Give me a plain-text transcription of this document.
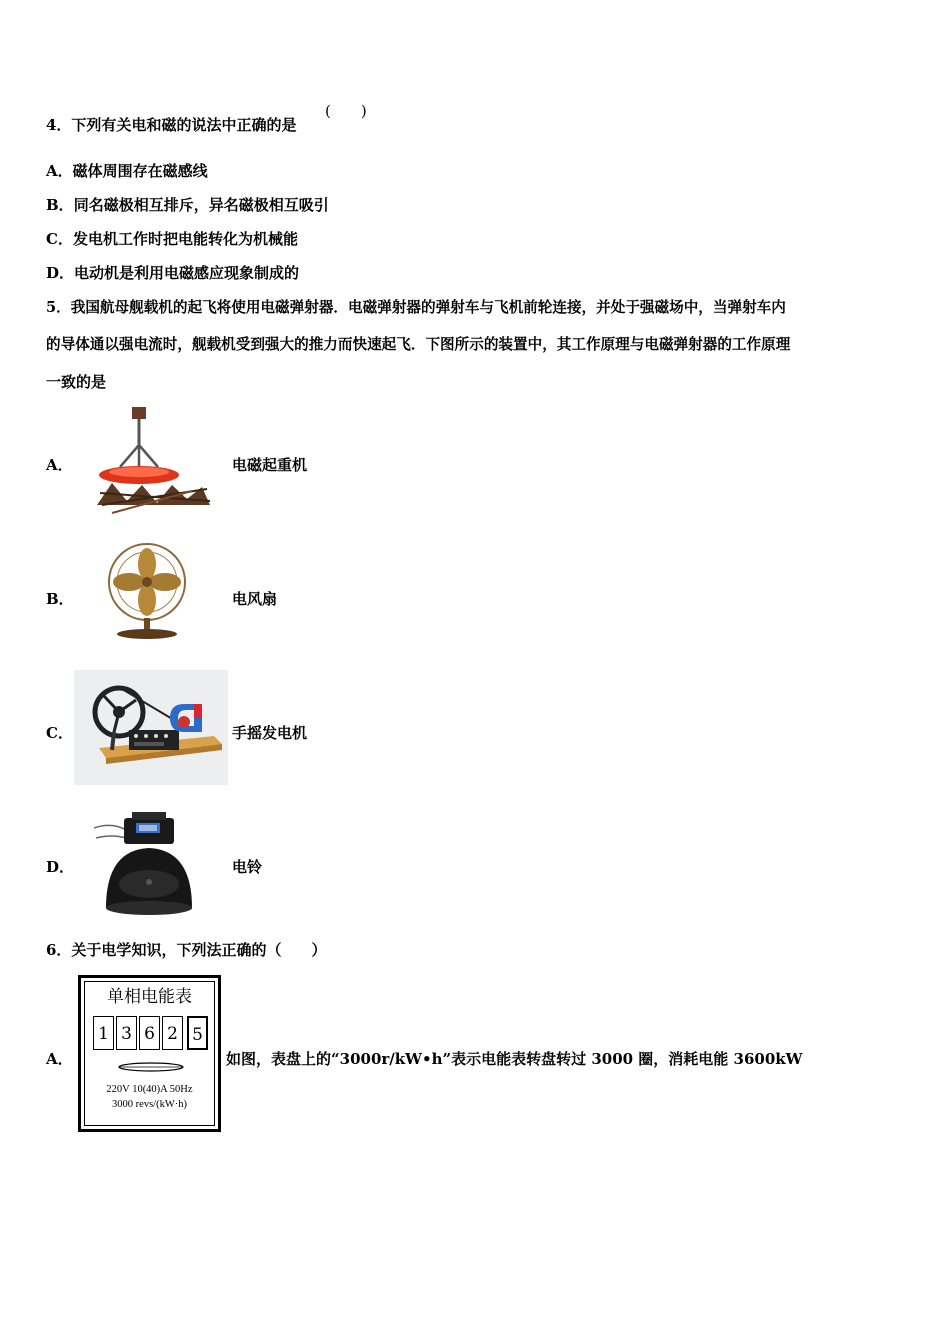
4．下列有关电和磁的说法中正确的是
(　　)
A．磁体周围存在磁感线
B．同名磁极相互排斥，异名磁极相互吸引
C．发电机工作时把电能转化为机械能
D．电动机是利用电磁感应现象制成的
5．我国航母舰载机的起飞将使用电磁弹射器．电磁弹射器的弹射车与飞机前轮连接，并处于强磁场中，当弹射车内
的导体通以强电流时，舰载机受到强大的推力而快速起飞．下图所示的装置中，其工作原理与电磁弹射器的工作原理
一致的是
A．	电磁起重机
B．	电风扇
C．	手摇发电机
D．	电铃
6．关于电学知识，下列法正确的（　　）
A．
单相电能表
1 3 6 2 5
220V 10(40)A 50Hz
3000 revs/(kW·h)
如图，表盘上的“3000r/kW•h”表示电能表转盘转过 3000 圈，消耗电能 3600kW
